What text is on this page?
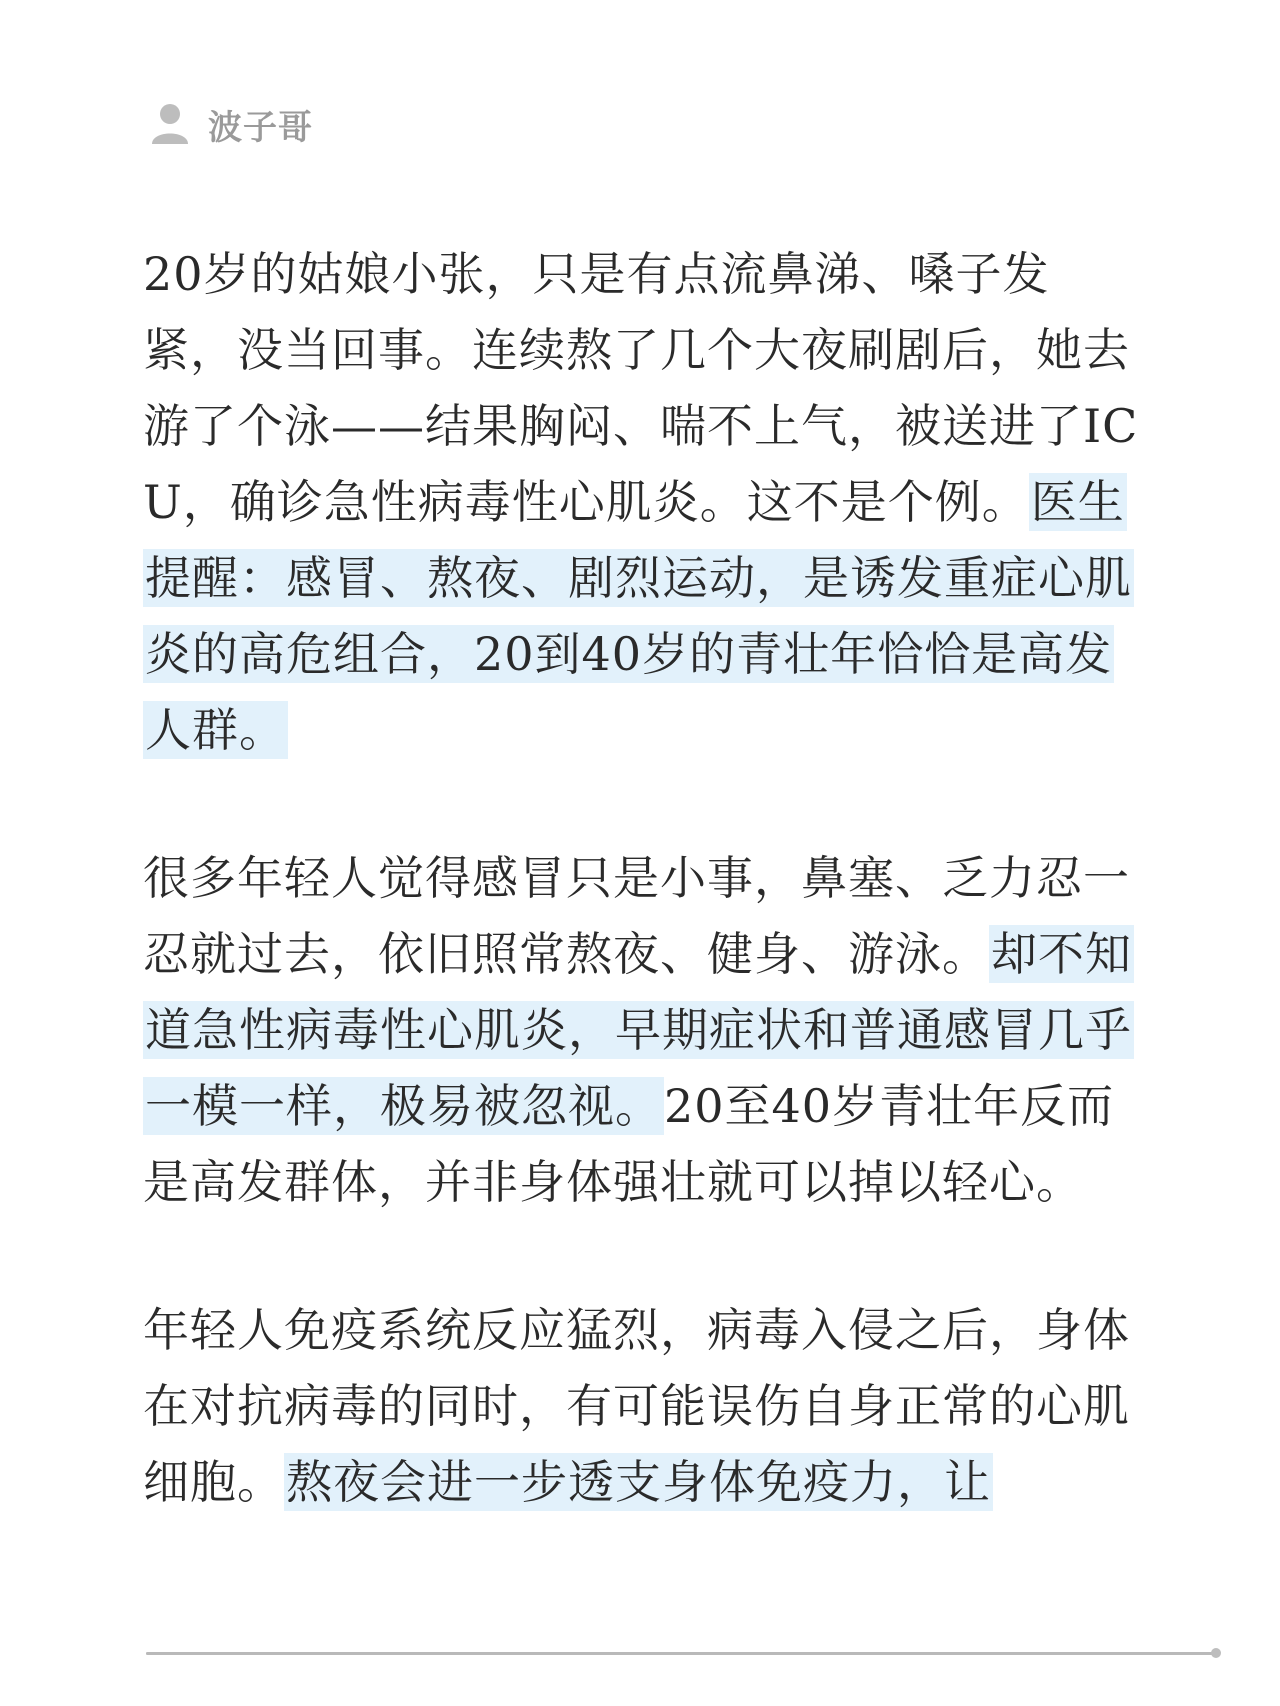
波子哥

20岁的姑娘小张，只是有点流鼻涕、嗓子发紧，没当回事。连续熬了几个大夜刷剧后，她去游了个泳——结果胸闷、喘不上气，被送进了ICU，确诊急性病毒性心肌炎。这不是个例。医生提醒：感冒、熬夜、剧烈运动，是诱发重症心肌炎的高危组合，20到40岁的青壮年恰恰是高发人群。

很多年轻人觉得感冒只是小事，鼻塞、乏力忍一忍就过去，依旧照常熬夜、健身、游泳。却不知道急性病毒性心肌炎，早期症状和普通感冒几乎一模一样，极易被忽视。20至40岁青壮年反而是高发群体，并非身体强壮就可以掉以轻心。

年轻人免疫系统反应猛烈，病毒入侵之后，身体在对抗病毒的同时，有可能误伤自身正常的心肌细胞。熬夜会进一步透支身体免疫力，让
